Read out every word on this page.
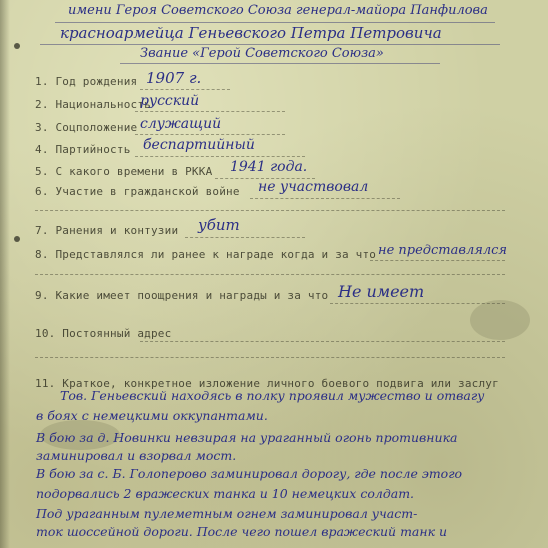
имени Героя Советского Союза генерал-майора Панфилова
красноармейца Геньевского Петра Петровича
Звание «Герой Советского Союза»
1. Год рождения 1907 г.
2. Национальность
русский
3. Соцположение служащий
4. Партийность беспартийный
5. С какого времени в РККА 1941 года.
6. Участие в гражданской войне не участвовал
7. Ранения и контузии убит
8. Представлялся ли ранее к награде когда и за что не представлялся
9. Какие имеет поощрения и награды и за что Не имеет
10. Постоянный адрес
11. Краткое, конкретное изложение личного боевого подвига или заслуг
Тов. Геньевский находясь в полку проявил мужество и отвагу
в боях с немецкими оккупантами.
В бою за д. Новинки невзирая на ураганный огонь противника
заминировал и взорвал мост.
В бою за с. Б. Голоперово заминировал дорогу, где после этого
подорвались 2 вражеских танка и 10 немецких солдат.
Под ураганным пулеметным огнем заминировал участ-
ток шоссейной дороги. После чего пошел вражеский танк и
